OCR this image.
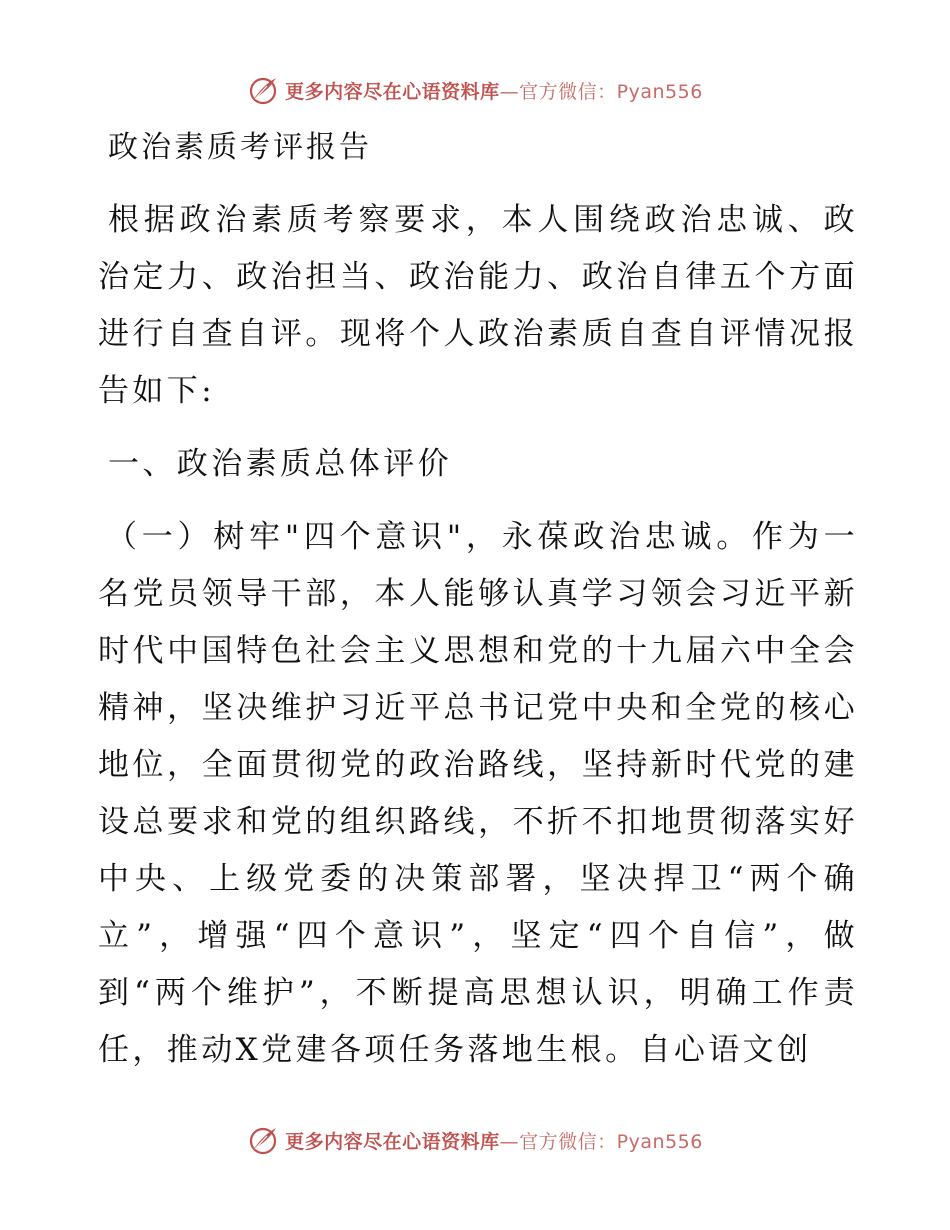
更多内容尽在心语资料库—官方微信：Pyan556
政治素质考评报告

根据政治素质考察要求，本人围绕政治忠诚、政治定力、政治担当、政治能力、政治自律五个方面进行自查自评。现将个人政治素质自查自评情况报告如下:

一、政治素质总体评价

（一）树牢"四个意识"，永葆政治忠诚。作为一名党员领导干部，本人能够认真学习领会习近平新时代中国特色社会主义思想和党的十九届六中全会精神，坚决维护习近平总书记党中央和全党的核心地位，全面贯彻党的政治路线，坚持新时代党的建设总要求和党的组织路线，不折不扣地贯彻落实好中央、上级党委的决策部署，坚决捍卫“两个确立”，增强“四个意识”，坚定“四个自信”，做到“两个维护”，不断提高思想认识，明确工作责任，推动X党建各项任务落地生根。自心语文创

更多内容尽在心语资料库—官方微信：Pyan556
